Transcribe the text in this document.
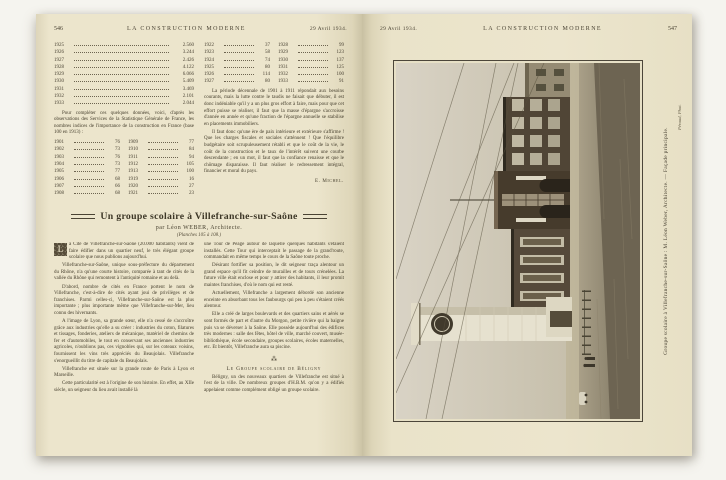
546	LA CONSTRUCTION MODERNE	29 Avril 1934.
1925	2.560
1926	3.244
1927	2.426
1928	4.122
1929	6.066
1930	5.409
1931	3.469
1932	2.101
1933	2.044

Pour compléter ces quelques données, voici, d'après les observations des Services de la Statistique Générale de France, les nombres indices de l'importance de la construction en France (base 100 en 1913) :

1901	76 1909	77
1902	73 1910	84
1903	76 1911	94
1904	73 1912	105
1905	77 1913	100
1906	68 1919	16
1907	66 1920	27
1908	68 1921	23
1922	37 1928	99
1923	58 1929	123
1924	74 1930	137
1925	80 1931	125
1926	114 1932	100
1927	80 1933	91

La période décennale de 1901 à 1911 répondait aux besoins courants, mais la lutte contre le taudis ne faisait que débuter, il est donc indéniable qu'il y a un plus gros effort à faire, mais pour que cet effort puisse se réaliser, il faut que la masse d'épargne s'accroisse d'année en année et qu'une fraction de l'épargne annuelle se stabilise en placements immobiliers.

Il faut donc qu'une ère de paix intérieure et extérieure s'affirme ! Que les charges fiscales et sociales s'atténuent ! Que l'équilibre budgétaire soit scrupuleusement rétabli et que le coût de la vie, le coût de la construction et le taux de l'intérêt suivent une courbe descendante ; en un mot, il faut que la confiance renaisse et que le chômage disparaisse. Il faut réaliser le redressement intégral, financier et moral du pays.

E. Michel.

Un groupe scolaire à Villefranche-sur-Saône
par Léon WEBER, Architecte.
(Planches 105 à 108.)

L	a Cité de Villefranche-sur-Saône (20.000 habitants) vient de faire édifier dans un quartier neuf, le très élégant groupe scolaire que nous publions aujourd'hui.

Villefranche-sur-Saône, unique sous-préfecture du département du Rhône, n'a qu'une courte histoire, comparée à tant de cités de la vallée du Rhône qui remontent à l'antiquité romaine et au delà.

D'abord, nombre de cités en France portent le nom de Villefranche, c'est-à-dire de cités ayant joui de privilèges et de franchises. Parmi celles-ci, Villefranche-sur-Saône est la plus importante ; plus importante même que Villefranche-sur-Mer, lieu connu des hivernants.

A l'image de Lyon, sa grande sœur, elle n'a cessé de s'accroître grâce aux industries qu'elle a su créer : industries du coton, filatures et tissages, fonderies, ateliers de mécanique, matériel de chemins de fer et d'automobiles, le tout en conservant ses anciennes industries agricoles, n'oublions pas, ces vignobles qui, sur les coteaux voisins, fournissent les vins très appréciés du Beaujolais. Villefranche s'enorgueillit du titre de capitale du Beaujolais.

Villefranche est située sur la grande route de Paris à Lyon et Marseille.

Cette particularité est à l'origine de son histoire. En effet, au XIIe siècle, un seigneur du lieu avait installé là

une Tour de Péage autour de laquelle quelques habitants s'étaient installés. Cette Tour qui interceptait le passage de la grand'route, commandait en même temps le cours de la Saône toute proche.

Désirant fortifier sa position, le dit seigneur traça alentour un grand espace qu'il fit ceindre de murailles et de tours crénelées. La future ville était enclose et pour y attirer des habitants, il leur promit maintes franchises, d'où le nom qui est resté.

Actuellement, Villefranche a largement débordé son ancienne enceinte en absorbant tous les faubourgs qui peu à peu s'étaient créés alentour.

Elle a créé de larges boulevards et des quartiers sains et aérés se sont formés de part et d'autre du Morgon, petite rivière qui la baigne puis va se déverser à la Saône. Elle possède aujourd'hui des édifices très modernes : salle des fêtes, hôtel de ville, marché couvert, musée-bibliothèque, école secondaire, groupes scolaires, écoles maternelles, etc. Et bientôt, Villefranche aura sa piscine.

⁂
Le Groupe scolaire de Béligny

Béligny, un des nouveaux quartiers de Villefranche est situé à l'est de la ville. De nombreux groupes d'H.B.M. qu'on y a édifiés appelaient comme complément obligé un groupe scolaire.

29 Avril 1934.	LA CONSTRUCTION MODERNE	547
Groupe scolaire à Villefranche-sur-Saône : M. Léon Weber, Architecte. — Façade principale.
Péraud, Phot.
